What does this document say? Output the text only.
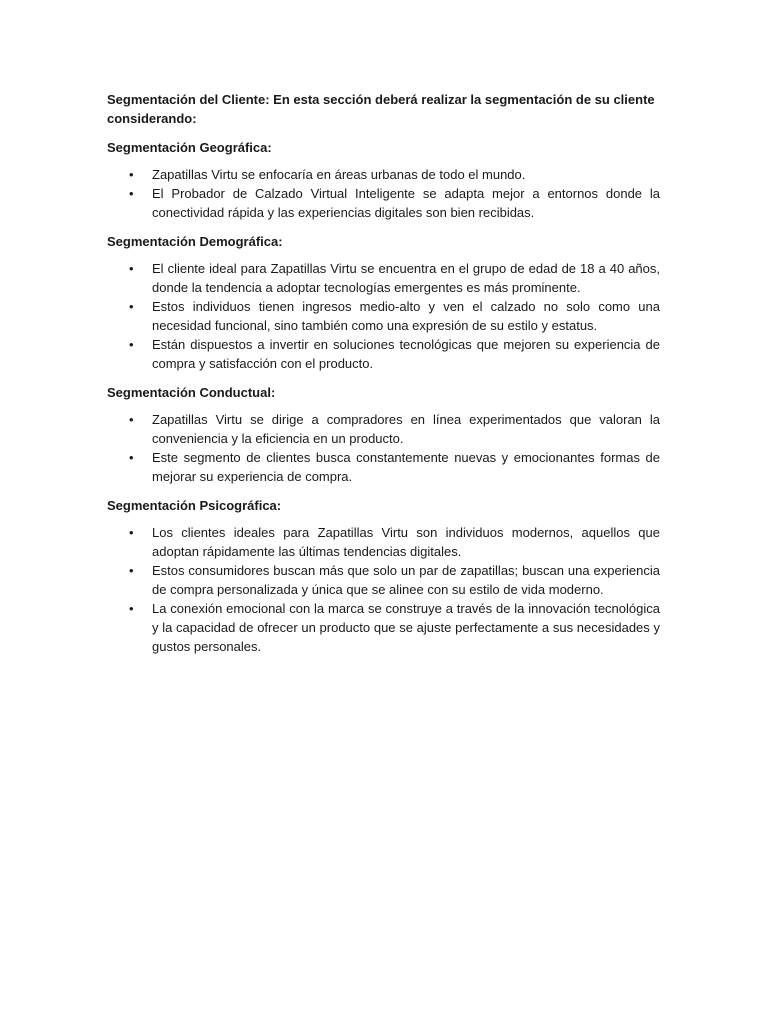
Segmentación del Cliente: En esta sección deberá realizar la segmentación de su cliente considerando:

Segmentación Geográfica:

• Zapatillas Virtu se enfocaría en áreas urbanas de todo el mundo.
• El Probador de Calzado Virtual Inteligente se adapta mejor a entornos donde la conectividad rápida y las experiencias digitales son bien recibidas.

Segmentación Demográfica:

• El cliente ideal para Zapatillas Virtu se encuentra en el grupo de edad de 18 a 40 años, donde la tendencia a adoptar tecnologías emergentes es más prominente.
• Estos individuos tienen ingresos medio-alto y ven el calzado no solo como una necesidad funcional, sino también como una expresión de su estilo y estatus.
• Están dispuestos a invertir en soluciones tecnológicas que mejoren su experiencia de compra y satisfacción con el producto.

Segmentación Conductual:

• Zapatillas Virtu se dirige a compradores en línea experimentados que valoran la conveniencia y la eficiencia en un producto.
• Este segmento de clientes busca constantemente nuevas y emocionantes formas de mejorar su experiencia de compra.

Segmentación Psicográfica:

• Los clientes ideales para Zapatillas Virtu son individuos modernos, aquellos que adoptan rápidamente las últimas tendencias digitales.
• Estos consumidores buscan más que solo un par de zapatillas; buscan una experiencia de compra personalizada y única que se alinee con su estilo de vida moderno.
• La conexión emocional con la marca se construye a través de la innovación tecnológica y la capacidad de ofrecer un producto que se ajuste perfectamente a sus necesidades y gustos personales.
